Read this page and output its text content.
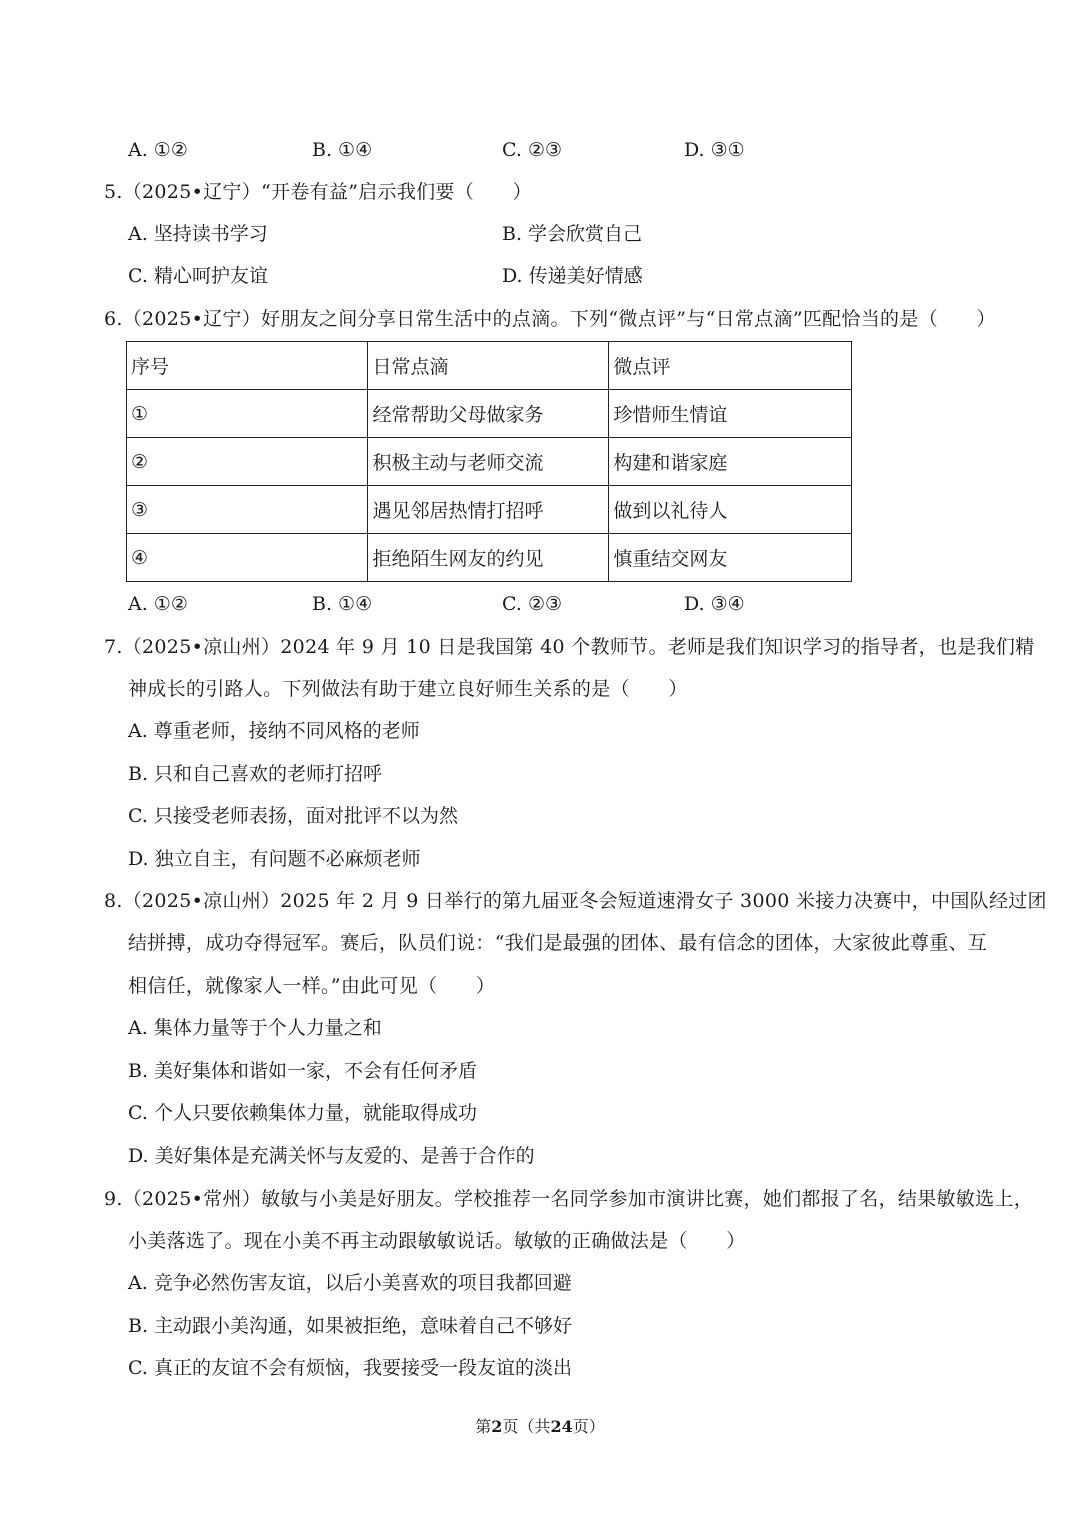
A. ①②	B. ①④	C. ②③	D. ③①
5.（2025•辽宁）“开卷有益”启示我们要（　　）
A. 坚持读书学习	B. 学会欣赏自己
C. 精心呵护友谊	D. 传递美好情感
6.（2025•辽宁）好朋友之间分享日常生活中的点滴。下列“微点评”与“日常点滴”匹配恰当的是（　　）
序号	日常点滴	微点评
①	经常帮助父母做家务	珍惜师生情谊
②	积极主动与老师交流	构建和谐家庭
③	遇见邻居热情打招呼	做到以礼待人
④	拒绝陌生网友的约见	慎重结交网友
A. ①②	B. ①④	C. ②③	D. ③④
7.（2025•凉山州）2024 年 9 月 10 日是我国第 40 个教师节。老师是我们知识学习的指导者，也是我们精
神成长的引路人。下列做法有助于建立良好师生关系的是（　　）
A. 尊重老师，接纳不同风格的老师
B. 只和自己喜欢的老师打招呼
C. 只接受老师表扬，面对批评不以为然
D. 独立自主，有问题不必麻烦老师
8.（2025•凉山州）2025 年 2 月 9 日举行的第九届亚冬会短道速滑女子 3000 米接力决赛中，中国队经过团
结拼搏，成功夺得冠军。赛后，队员们说：“我们是最强的团体、最有信念的团体，大家彼此尊重、互
相信任，就像家人一样。”由此可见（　　）
A. 集体力量等于个人力量之和
B. 美好集体和谐如一家，不会有任何矛盾
C. 个人只要依赖集体力量，就能取得成功
D. 美好集体是充满关怀与友爱的、是善于合作的
9.（2025•常州）敏敏与小美是好朋友。学校推荐一名同学参加市演讲比赛，她们都报了名，结果敏敏选上，
小美落选了。现在小美不再主动跟敏敏说话。敏敏的正确做法是（　　）
A. 竞争必然伤害友谊，以后小美喜欢的项目我都回避
B. 主动跟小美沟通，如果被拒绝，意味着自己不够好
C. 真正的友谊不会有烦恼，我要接受一段友谊的淡出
第2页（共24页）
